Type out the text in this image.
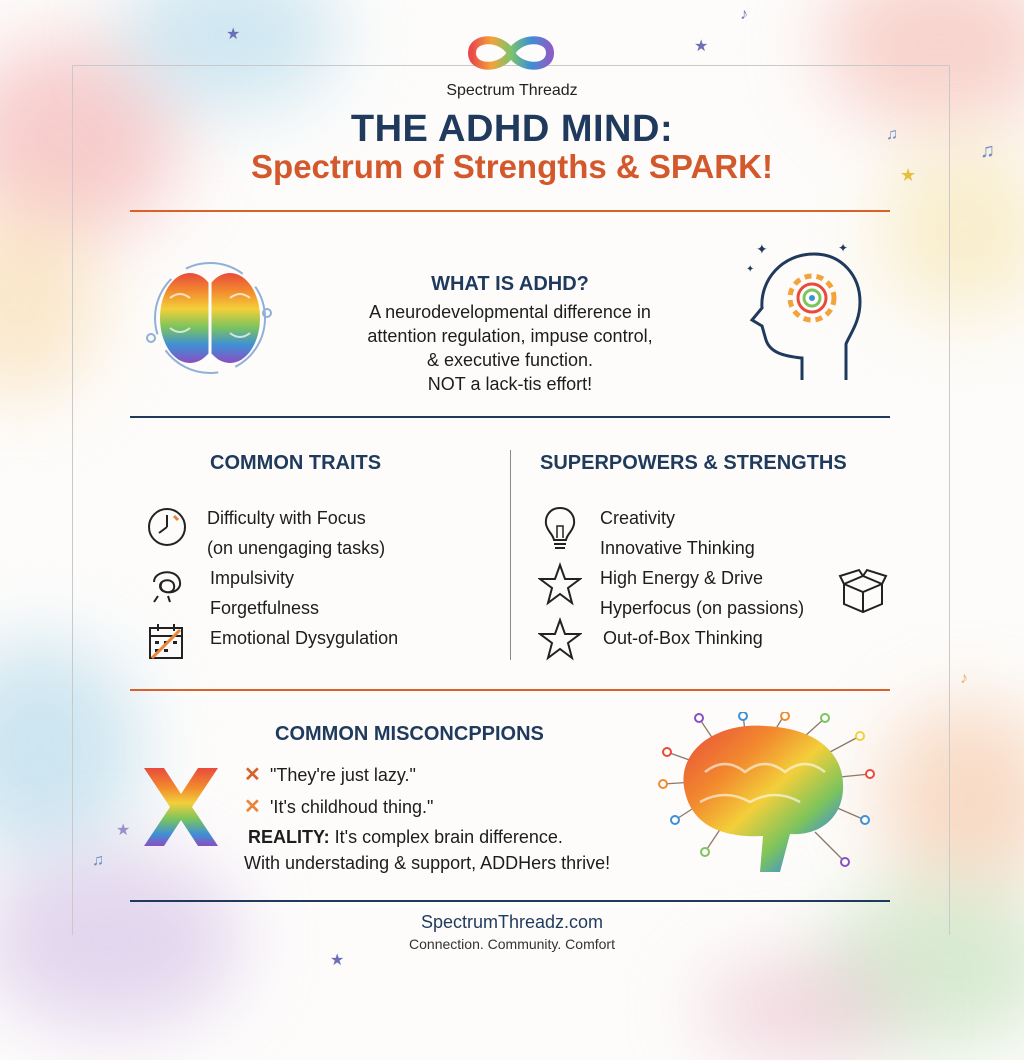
★
★
★
♫
♫
♪
★
★
♫
♪
Spectrum Threadz
THE ADHD MIND:
Spectrum of Strengths & SPARK!
WHAT IS ADHD?
A neurodevelopmental difference in
attention regulation, impuse control,
& executive function.
NOT a lack-tis effort!
✦	✦
✦
COMMON TRAITS
Difficulty with Focus
(on unengaging tasks)
Impulsivity
Forgetfulness
Emotional Dysygulation
SUPERPOWERS & STRENGTHS
Creativity
Innovative Thinking
High Energy & Drive
Hyperfocus (on passions)
Out-of-Box Thinking
COMMON MISCONCPPIONS
✕ "They're just lazy."
✕ 'It's childhoud thing."
REALITY: It's complex brain difference.
With understading & support, ADDHers thrive!
SpectrumThreadz.com
Connection. Community. Comfort
